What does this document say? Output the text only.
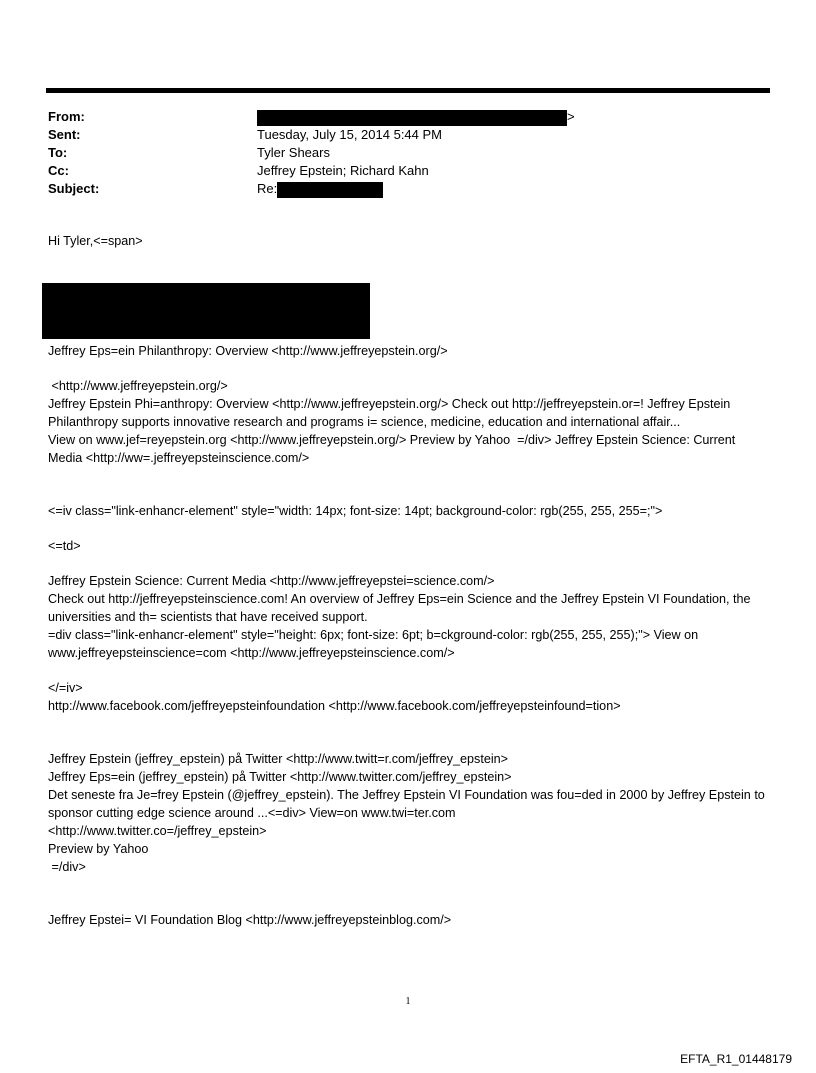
From:	>
Sent:	Tuesday, July 15, 2014 5:44 PM
To:	Tyler Shears
Cc:	Jeffrey Epstein; Richard Kahn
Subject:	Re:

Hi Tyler,<=span>

Jeffrey Eps=ein Philanthropy: Overview <http://www.jeffreyepstein.org/>

<http://www.jeffreyepstein.org/>

Jeffrey Epstein Phi=anthropy: Overview <http://www.jeffreyepstein.org/> Check out http://jeffreyepstein.or=! Jeffrey Epstein Philanthropy supports innovative research and programs i= science, medicine, education and international affair...

View on www.jef=reyepstein.org <http://www.jeffreyepstein.org/> Preview by Yahoo  =/div> Jeffrey Epstein Science: Current Media <http://ww=.jeffreyepsteinscience.com/>

<=iv class="link-enhancr-element" style="width: 14px; font-size: 14pt; background-color: rgb(255, 255, 255=;">

<=td>

Jeffrey Epstein Science: Current Media <http://www.jeffreyepstei=science.com/>

Check out http://jeffreyepsteinscience.com! An overview of Jeffrey Eps=ein Science and the Jeffrey Epstein VI Foundation, the universities and th= scientists that have received support.

=div class="link-enhancr-element" style="height: 6px; font-size: 6pt; b=ckground-color: rgb(255, 255, 255);"> View on www.jeffreyepsteinscience=com <http://www.jeffreyepsteinscience.com/>

</=iv>

http://www.facebook.com/jeffreyepsteinfoundation <http://www.facebook.com/jeffreyepsteinfound=tion>

Jeffrey Epstein (jeffrey_epstein) på Twitter <http://www.twitt=r.com/jeffrey_epstein>

Jeffrey Eps=ein (jeffrey_epstein) på Twitter <http://www.twitter.com/jeffrey_epstein>

Det seneste fra Je=frey Epstein (@jeffrey_epstein). The Jeffrey Epstein VI Foundation was fou=ded in 2000 by Jeffrey Epstein to sponsor cutting edge science around ...<=div> View=on www.twi=ter.com

<http://www.twitter.co=/jeffrey_epstein>

Preview by Yahoo

=/div>

Jeffrey Epstei= VI Foundation Blog <http://www.jeffreyepsteinblog.com/>

1
EFTA_R1_01448179
